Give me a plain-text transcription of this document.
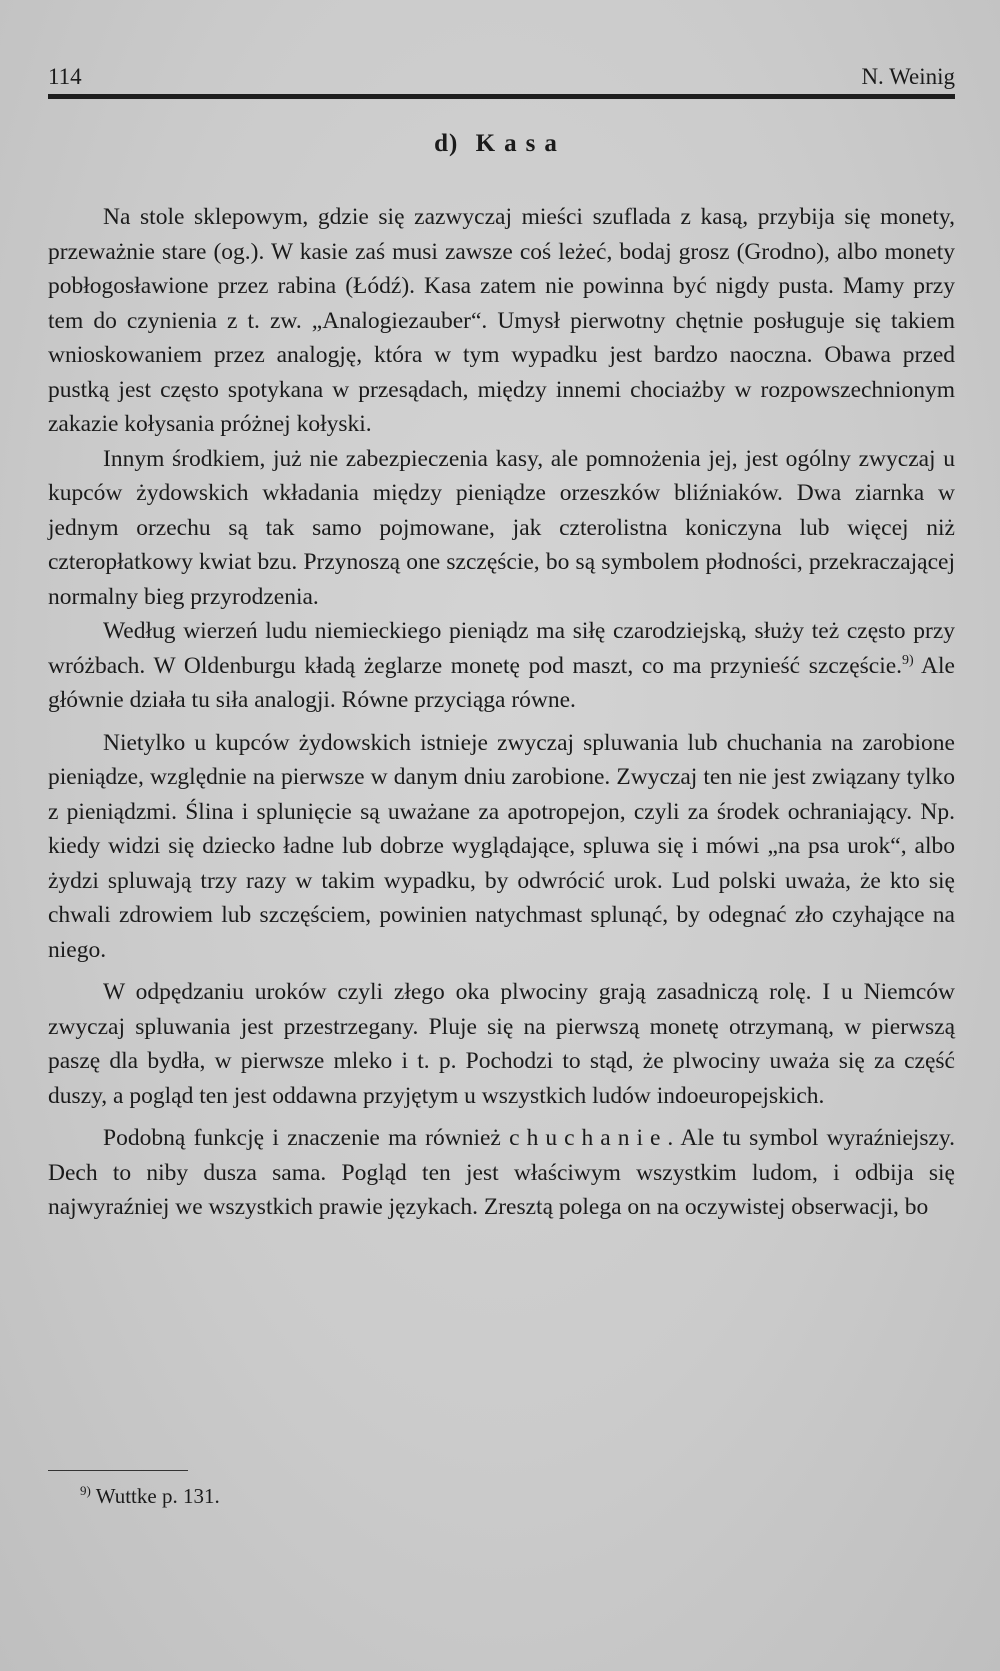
114	N. Weinig
d) Kasa

Na stole sklepowym, gdzie się zazwyczaj mieści szuflada z kasą, przybija się monety, przeważnie stare (og.). W kasie zaś musi zawsze coś leżeć, bodaj grosz (Grodno), albo monety pobłogosławione przez rabina (Łódź). Kasa zatem nie powinna być nigdy pusta. Mamy przy tem do czynienia z t. zw. „Analogiezauber“. Umysł pierwotny chętnie posługuje się takiem wnioskowaniem przez analogję, która w tym wypadku jest bardzo naoczna. Obawa przed pustką jest często spotykana w przesądach, między innemi chociażby w rozpowszechnionym zakazie kołysania próżnej kołyski.

Innym środkiem, już nie zabezpieczenia kasy, ale pomnożenia jej, jest ogólny zwyczaj u kupców żydowskich wkładania między pieniądze orzeszków bliźniaków. Dwa ziarnka w jednym orzechu są tak samo pojmowane, jak czterolistna koniczyna lub więcej niż czteropłatkowy kwiat bzu. Przynoszą one szczęście, bo są symbolem płodności, przekraczającej normalny bieg przyrodzenia.

Według wierzeń ludu niemieckiego pieniądz ma siłę czarodziejską, służy też często przy wróżbach. W Oldenburgu kładą żeglarze monetę pod maszt, co ma przynieść szczęście.$^{9)}$ Ale głównie działa tu siła analogji. Równe przyciąga równe.

Nietylko u kupców żydowskich istnieje zwyczaj spluwania lub chuchania na zarobione pieniądze, względnie na pierwsze w danym dniu zarobione. Zwyczaj ten nie jest związany tylko z pieniądzmi. Ślina i splunięcie są uważane za apotropejon, czyli za środek ochraniający. Np. kiedy widzi się dziecko ładne lub dobrze wyglądające, spluwa się i mówi „na psa urok“, albo żydzi spluwają trzy razy w takim wypadku, by odwrócić urok. Lud polski uważa, że kto się chwali zdrowiem lub szczęściem, powinien natychmast splunąć, by odegnać zło czyhające na niego.

W odpędzaniu uroków czyli złego oka plwociny grają zasadniczą rolę. I u Niemców zwyczaj spluwania jest przestrzegany. Pluje się na pierwszą monetę otrzymaną, w pierwszą paszę dla bydła, w pierwsze mleko i t. p. Pochodzi to stąd, że plwociny uważa się za część duszy, a pogląd ten jest oddawna przyjętym u wszystkich ludów indoeuropejskich.

Podobną funkcję i znaczenie ma również chuchanie. Ale tu symbol wyraźniejszy. Dech to niby dusza sama. Pogląd ten jest właściwym wszystkim ludom, i odbija się najwyraźniej we wszystkich prawie językach. Zresztą polega on na oczywistej obserwacji, bo

$^{9)}$ Wuttke p. 131.
